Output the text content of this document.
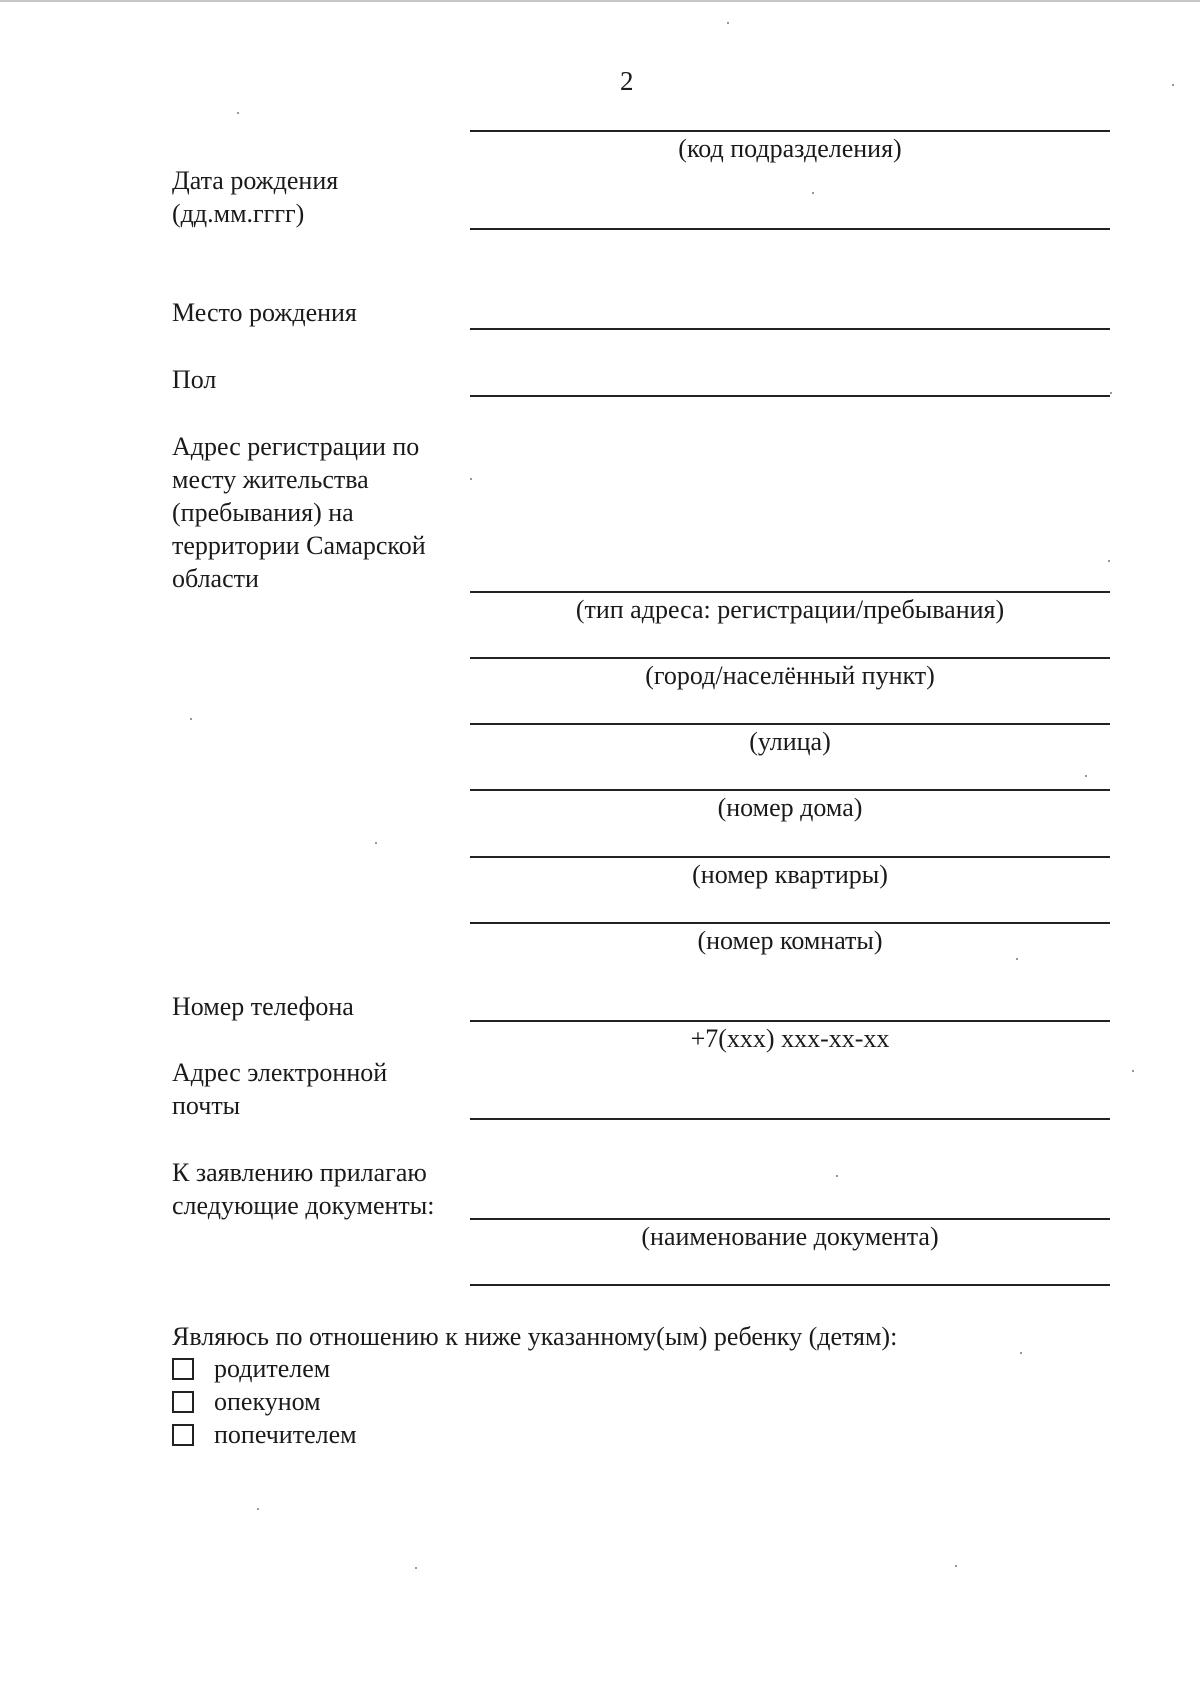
2
(код подразделения)
Дата рождения
(дд.мм.гггг)
Место рождения
Пол
Адрес регистрации по
месту жительства
(пребывания) на
территории Самарской
области
(тип адреса: регистрации/пребывания)
(город/населённый пункт)
(улица)
(номер дома)
(номер квартиры)
(номер комнаты)
Номер телефона
+7(xxx) xxx-xx-xx
Адрес электронной
почты
К заявлению прилагаю
следующие документы:
(наименование документа)
Являюсь по отношению к ниже указанному(ым) ребенку (детям):
родителем
опекуном
попечителем
